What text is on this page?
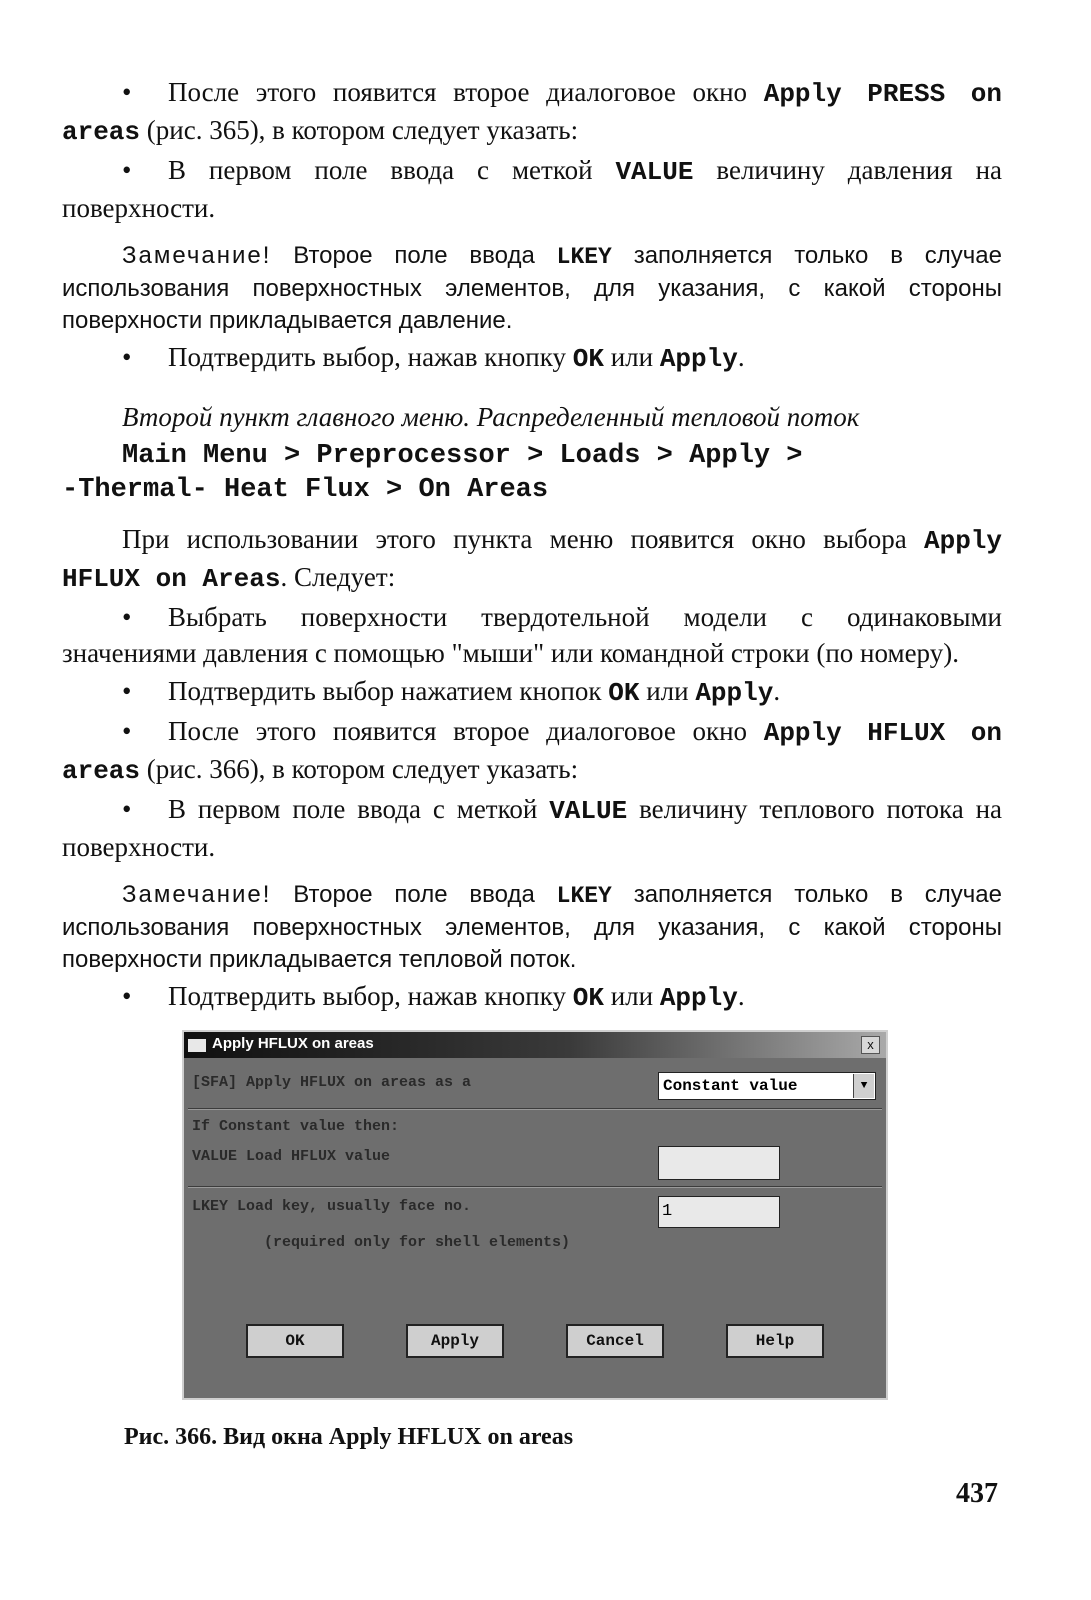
• После этого появится второе диалоговое окно Apply PRESS on areas (рис. 365), в котором следует указать:

• В первом поле ввода с меткой VALUE величину давления на поверхности.

Замечание! Второе поле ввода LKEY заполняется только в случае использования поверхностных элементов, для указания, с какой стороны поверхности прикладывается давление.

• Подтвердить выбор, нажав кнопку OK или Apply.

Второй пункт главного меню. Распределенный тепловой поток

Main Menu > Preprocessor > Loads > Apply >
-Thermal- Heat Flux > On Areas

При использовании этого пункта меню появится окно выбора Apply HFLUX on Areas. Следует:

• Выбрать поверхности твердотельной модели с одинаковыми значениями давления с помощью "мыши" или командной строки (по номеру).

• Подтвердить выбор нажатием кнопок OK или Apply.

• После этого появится второе диалоговое окно Apply HFLUX on areas (рис. 366), в котором следует указать:

• В первом поле ввода с меткой VALUE величину теплового потока на поверхности.

Замечание! Второе поле ввода LKEY заполняется только в случае использования поверхностных элементов, для указания, с какой стороны поверхности прикладывается тепловой поток.

• Подтвердить выбор, нажав кнопку OK или Apply.

Apply HFLUX on areas	x
[SFA] Apply HFLUX on areas as a	Constant value	▼
If Constant value then:
VALUE Load HFLUX value
LKEY Load key, usually face no.	1
(required only for shell elements)
OK	Apply	Cancel	Help
Рис. 366. Вид окна Apply HFLUX on areas
437
